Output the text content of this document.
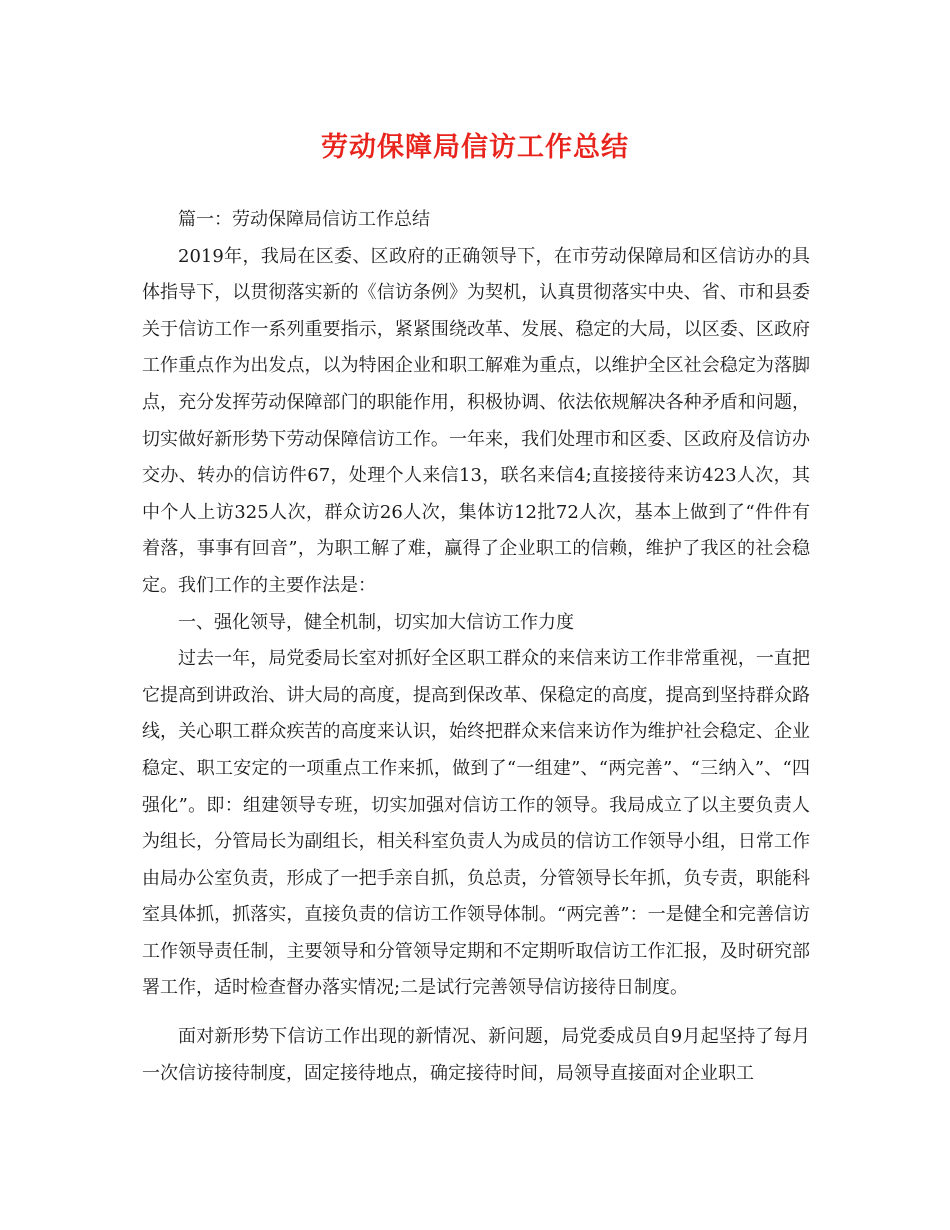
劳动保障局信访工作总结

篇一：劳动保障局信访工作总结

2019年，我局在区委、区政府的正确领导下，在市劳动保障局和区信访办的具体指导下，以贯彻落实新的《信访条例》为契机，认真贯彻落实中央、省、市和县委关于信访工作一系列重要指示，紧紧围绕改革、发展、稳定的大局，以区委、区政府工作重点作为出发点，以为特困企业和职工解难为重点，以维护全区社会稳定为落脚点，充分发挥劳动保障部门的职能作用，积极协调、依法依规解决各种矛盾和问题，切实做好新形势下劳动保障信访工作。一年来，我们处理市和区委、区政府及信访办交办、转办的信访件67，处理个人来信13，联名来信4;直接接待来访423人次，其中个人上访325人次，群众访26人次，集体访12批72人次，基本上做到了“件件有着落，事事有回音”，为职工解了难，赢得了企业职工的信赖，维护了我区的社会稳定。我们工作的主要作法是：

一、强化领导，健全机制，切实加大信访工作力度

过去一年，局党委局长室对抓好全区职工群众的来信来访工作非常重视，一直把它提高到讲政治、讲大局的高度，提高到保改革、保稳定的高度，提高到坚持群众路线，关心职工群众疾苦的高度来认识，始终把群众来信来访作为维护社会稳定、企业稳定、职工安定的一项重点工作来抓，做到了“一组建”、“两完善”、“三纳入”、“四强化”。即：组建领导专班，切实加强对信访工作的领导。我局成立了以主要负责人为组长，分管局长为副组长，相关科室负责人为成员的信访工作领导小组，日常工作由局办公室负责，形成了一把手亲自抓，负总责，分管领导长年抓，负专责，职能科室具体抓，抓落实，直接负责的信访工作领导体制。“两完善”：一是健全和完善信访工作领导责任制，主要领导和分管领导定期和不定期听取信访工作汇报，及时研究部署工作，适时检查督办落实情况;二是试行完善领导信访接待日制度。

面对新形势下信访工作出现的新情况、新问题，局党委成员自9月起坚持了每月一次信访接待制度，固定接待地点，确定接待时间，局领导直接面对企业职工
